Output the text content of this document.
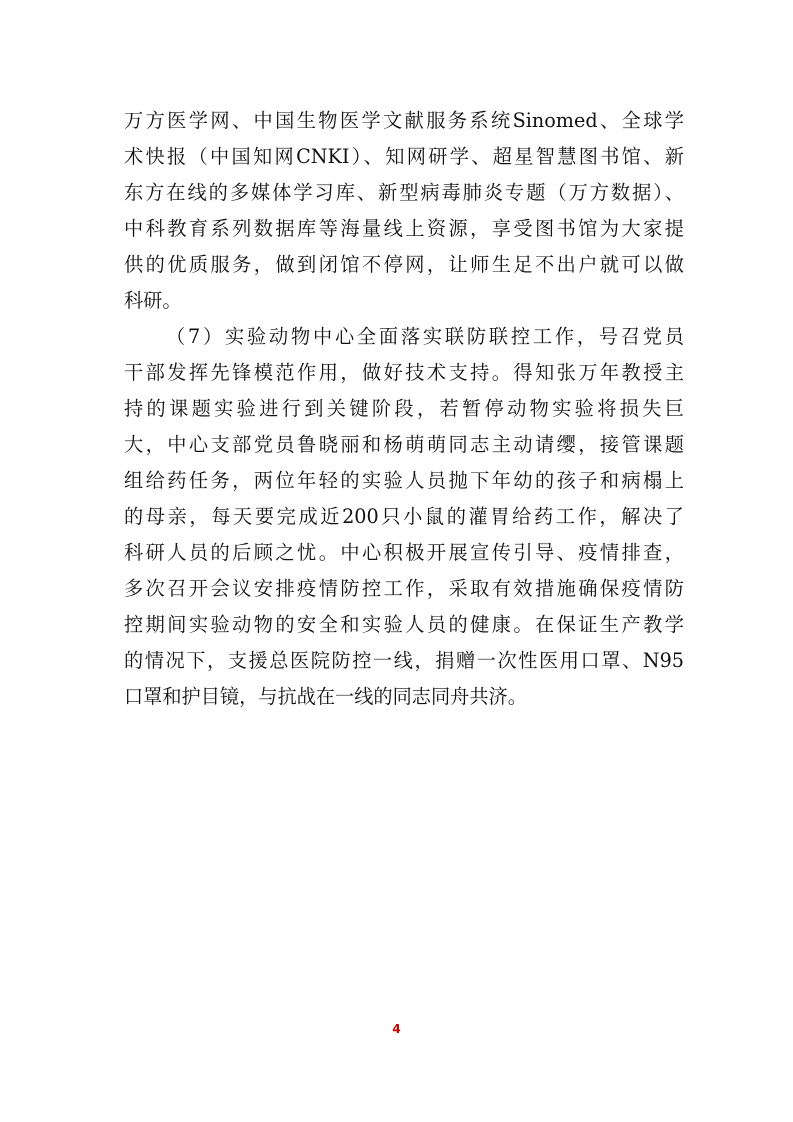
万方医学网、中国生物医学文献服务系统Sinomed、全球学
术快报（中国知网CNKI）、知网研学、超星智慧图书馆、新
东方在线的多媒体学习库、新型病毒肺炎专题（万方数据）、
中科教育系列数据库等海量线上资源，享受图书馆为大家提
供的优质服务，做到闭馆不停网，让师生足不出户就可以做
科研。
（7）实验动物中心全面落实联防联控工作，号召党员
干部发挥先锋模范作用，做好技术支持。得知张万年教授主
持的课题实验进行到关键阶段，若暂停动物实验将损失巨
大，中心支部党员鲁晓丽和杨萌萌同志主动请缨，接管课题
组给药任务，两位年轻的实验人员抛下年幼的孩子和病榻上
的母亲，每天要完成近200只小鼠的灌胃给药工作，解决了
科研人员的后顾之忧。中心积极开展宣传引导、疫情排查，
多次召开会议安排疫情防控工作，采取有效措施确保疫情防
控期间实验动物的安全和实验人员的健康。在保证生产教学
的情况下，支援总医院防控一线，捐赠一次性医用口罩、N95
口罩和护目镜，与抗战在一线的同志同舟共济。
4
